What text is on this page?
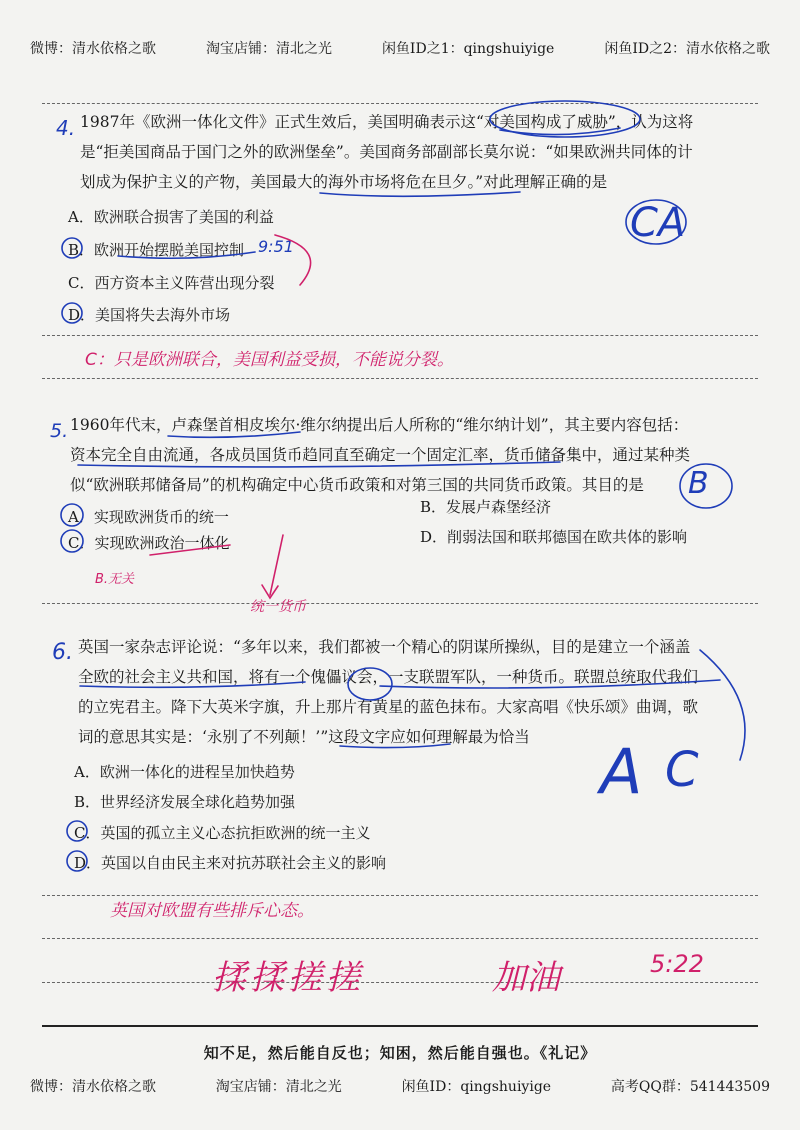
微博：清水依格之歌	淘宝店铺：清北之光	闲鱼ID之1：qingshuiyige	闲鱼ID之2：清水依格之歌
4. 1987年《欧洲一体化文件》正式生效后，美国明确表示这“对美国构成了威胁”，认为这将
是“拒美国商品于国门之外的欧洲堡垒”。美国商务部副部长莫尔说：“如果欧洲共同体的计
划成为保护主义的产物，美国最大的海外市场将危在旦夕。”对此理解正确的是
A．欧洲联合损害了美国的利益
B．欧洲开始摆脱美国控制
C．西方资本主义阵营出现分裂
D．美国将失去海外市场
CA
9:51
C：只是欧洲联合，美国利益受损，不能说分裂。
5. 1960年代末，卢森堡首相皮埃尔·维尔纳提出后人所称的“维尔纳计划”，其主要内容包括：
资本完全自由流通，各成员国货币趋同直至确定一个固定汇率，货币储备集中，通过某种类
似“欧洲联邦储备局”的机构确定中心货币政策和对第三国的共同货币政策。其目的是
A．实现欧洲货币的统一
B．发展卢森堡经济
C．实现欧洲政治一体化	D．削弱法国和联邦德国在欧共体的影响
B
B.无关
统一货币
6. 英国一家杂志评论说：“多年以来，我们都被一个精心的阴谋所操纵，目的是建立一个涵盖
全欧的社会主义共和国，将有一个傀儡议会，一支联盟军队，一种货币。联盟总统取代我们
的立宪君主。降下大英米字旗，升上那片有黄星的蓝色抹布。大家高唱《快乐颂》曲调，歌
词的意思其实是：‘永别了不列颠！’”这段文字应如何理解最为恰当
A．欧洲一体化的进程呈加快趋势
B．世界经济发展全球化趋势加强
C．英国的孤立主义心态抗拒欧洲的统一主义
D．英国以自由民主来对抗苏联社会主义的影响
A C
英国对欧盟有些排斥心态。
揉揉搓搓	加油	5:22
知不足，然后能自反也；知困，然后能自强也。《礼记》
微博：清水依格之歌	淘宝店铺：清北之光	闲鱼ID：qingshuiyige	高考QQ群：541443509
